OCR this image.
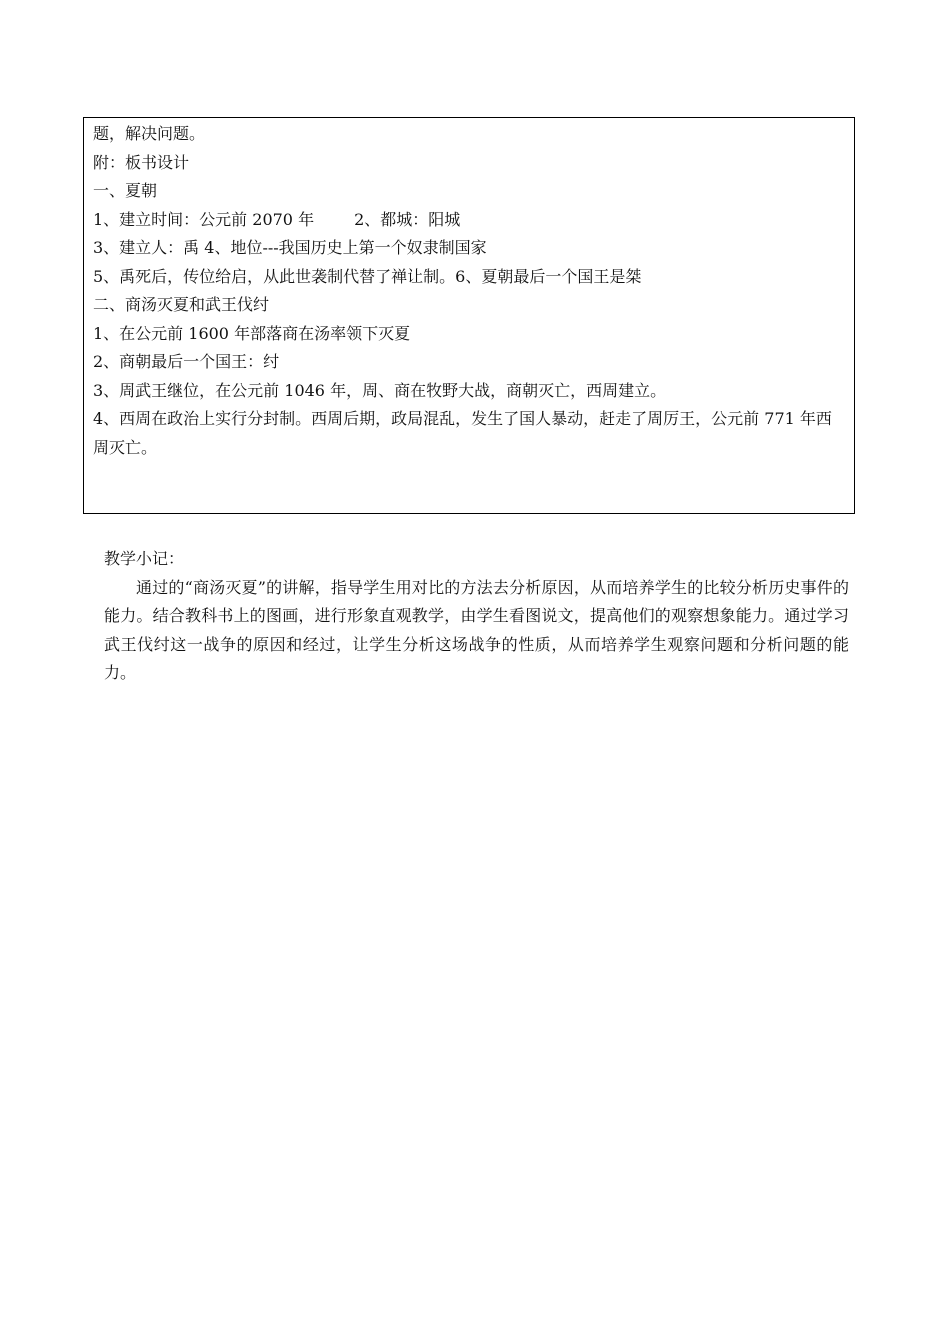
题，解决问题。
附：板书设计
一、夏朝
1、建立时间：公元前 2070 年	2、都城：阳城
3、建立人：禹 4、地位---我国历史上第一个奴隶制国家
5、禹死后，传位给启，从此世袭制代替了禅让制。6、夏朝最后一个国王是桀
二、商汤灭夏和武王伐纣
1、在公元前 1600 年部落商在汤率领下灭夏
2、商朝最后一个国王：纣
3、周武王继位，在公元前 1046 年，周、商在牧野大战，商朝灭亡，西周建立。
4、西周在政治上实行分封制。西周后期，政局混乱，发生了国人暴动，赶走了周厉王，公元前 771 年西周灭亡。
教学小记：
通过的“商汤灭夏”的讲解，指导学生用对比的方法去分析原因，从而培养学生的比较分析历史事件的能力。结合教科书上的图画，进行形象直观教学，由学生看图说文，提高他们的观察想象能力。通过学习武王伐纣这一战争的原因和经过，让学生分析这场战争的性质，从而培养学生观察问题和分析问题的能力。
